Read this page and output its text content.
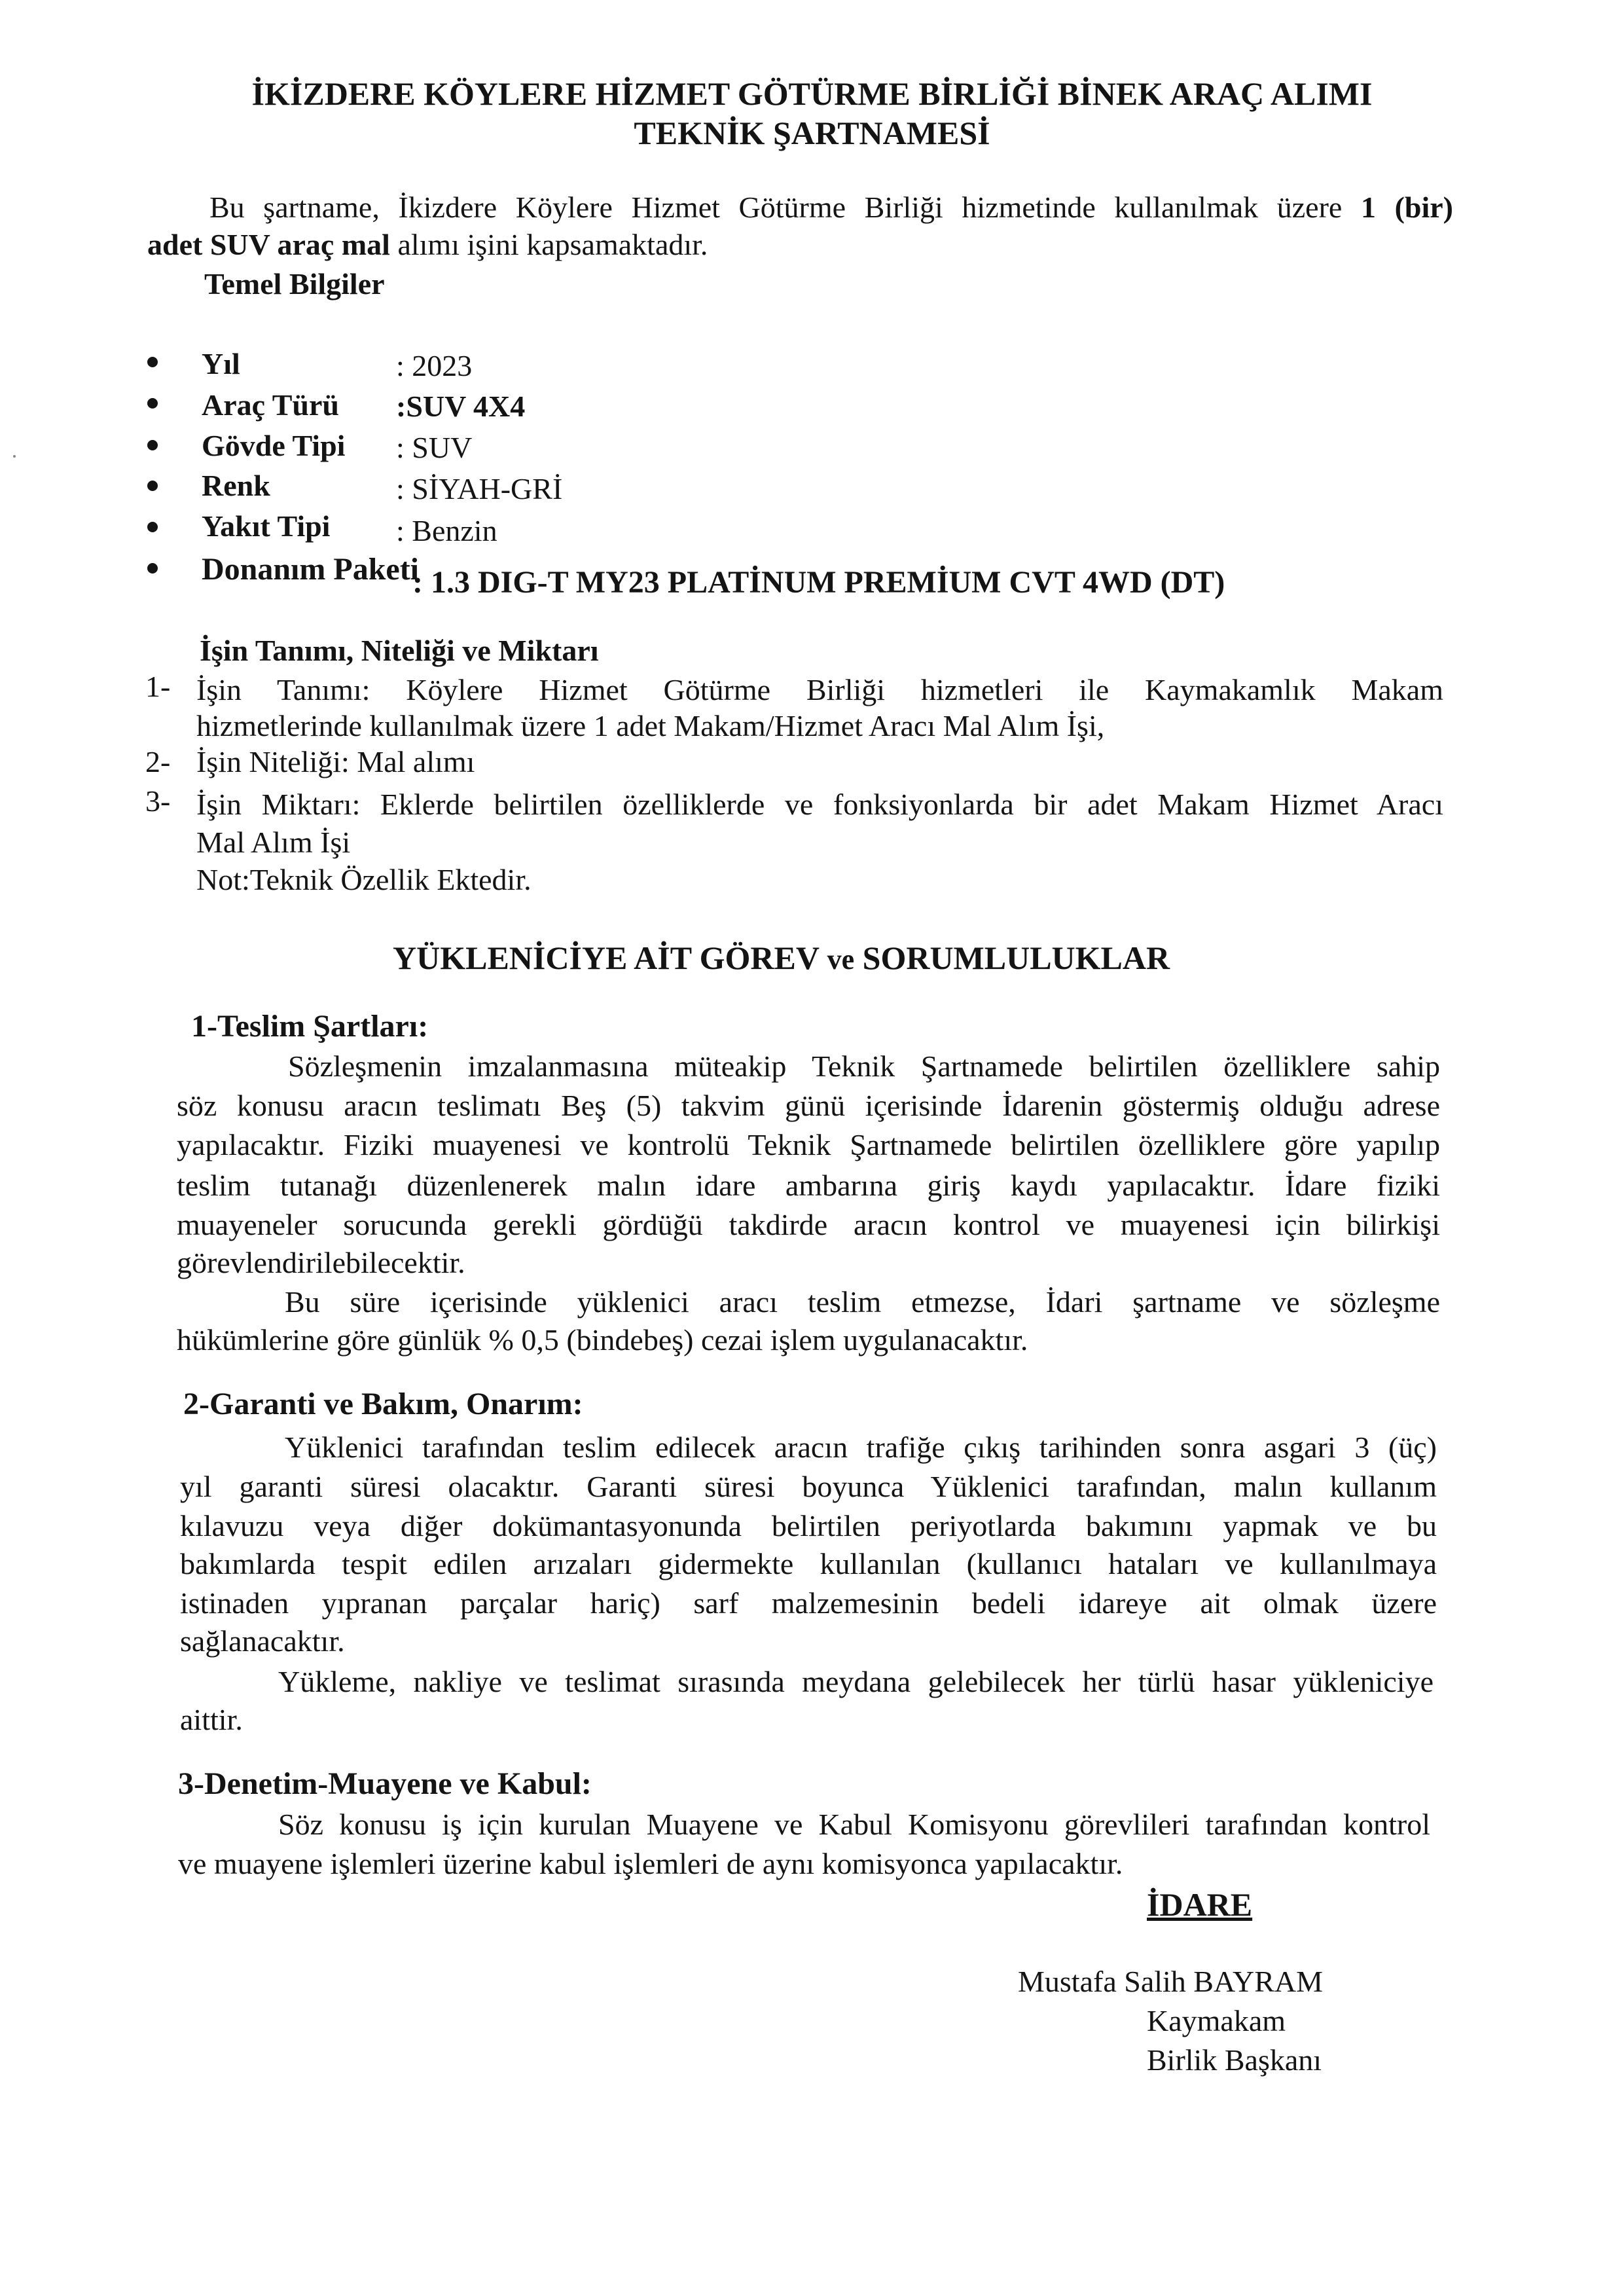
İKİZDERE KÖYLERE HİZMET GÖTÜRME BİRLİĞİ BİNEK ARAÇ ALIMI
TEKNİK ŞARTNAMESİ
Bu şartname, İkizdere Köylere Hizmet Götürme Birliği hizmetinde kullanılmak üzere 1 (bir)
adet SUV araç mal alımı işini kapsamaktadır.
Temel Bilgiler
Yıl	: 2023
Araç Türü :SUV 4X4
Gövde Tipi : SUV
Renk	: SİYAH-GRİ
Yakıt Tipi : Benzin
Donanım Paketi
: 1.3 DIG-T MY23 PLATİNUM PREMİUM CVT 4WD (DT)
İşin Tanımı, Niteliği ve Miktarı
1- İşin Tanımı: Köylere Hizmet Götürme Birliği hizmetleri ile Kaymakamlık Makam
hizmetlerinde kullanılmak üzere 1 adet Makam/Hizmet Aracı Mal Alım İşi,
2- İşin Niteliği: Mal alımı
3- İşin Miktarı: Eklerde belirtilen özelliklerde ve fonksiyonlarda bir adet Makam Hizmet Aracı
Mal Alım İşi
Not:Teknik Özellik Ektedir.
YÜKLENİCİYE AİT GÖREV ve SORUMLULUKLAR
1-Teslim Şartları:
Sözleşmenin imzalanmasına müteakip Teknik Şartnamede belirtilen özelliklere sahip
söz konusu aracın teslimatı Beş (5) takvim günü içerisinde İdarenin göstermiş olduğu adrese
yapılacaktır. Fiziki muayenesi ve kontrolü Teknik Şartnamede belirtilen özelliklere göre yapılıp
teslim tutanağı düzenlenerek malın idare ambarına giriş kaydı yapılacaktır. İdare fiziki
muayeneler sorucunda gerekli gördüğü takdirde aracın kontrol ve muayenesi için bilirkişi
görevlendirilebilecektir.
Bu süre içerisinde yüklenici aracı teslim etmezse, İdari şartname ve sözleşme
hükümlerine göre günlük % 0,5 (bindebeş) cezai işlem uygulanacaktır.
2-Garanti ve Bakım, Onarım:
Yüklenici tarafından teslim edilecek aracın trafiğe çıkış tarihinden sonra asgari 3 (üç)
yıl garanti süresi olacaktır. Garanti süresi boyunca Yüklenici tarafından, malın kullanım
kılavuzu veya diğer dokümantasyonunda belirtilen periyotlarda bakımını yapmak ve bu
bakımlarda tespit edilen arızaları gidermekte kullanılan (kullanıcı hataları ve kullanılmaya
istinaden yıpranan parçalar hariç) sarf malzemesinin bedeli idareye ait olmak üzere
sağlanacaktır.
Yükleme, nakliye ve teslimat sırasında meydana gelebilecek her türlü hasar yükleniciye
aittir.
3-Denetim-Muayene ve Kabul:
Söz konusu iş için kurulan Muayene ve Kabul Komisyonu görevlileri tarafından kontrol
ve muayene işlemleri üzerine kabul işlemleri de aynı komisyonca yapılacaktır.
İDARE
Mustafa Salih BAYRAM
Kaymakam
Birlik Başkanı
